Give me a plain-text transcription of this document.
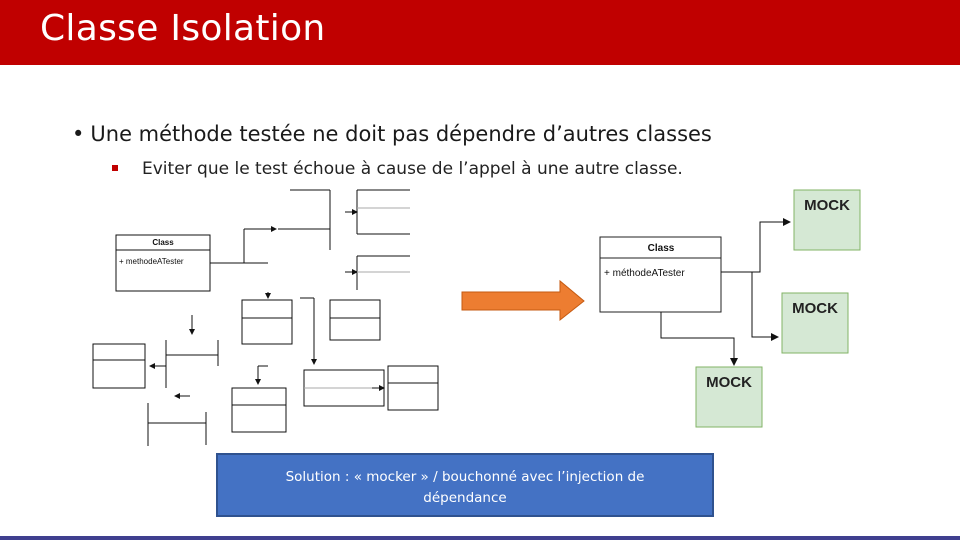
Classe Isolation
• Une méthode testée ne doit pas dépendre d’autres classes
Eviter que le test échoue à cause de l’appel à une autre classe.
Class
+ methodeATester
Class
+ méthodeATester
MOCK
MOCK
MOCK
Solution : « mocker » / bouchonné avec l’injection de
dépendance
